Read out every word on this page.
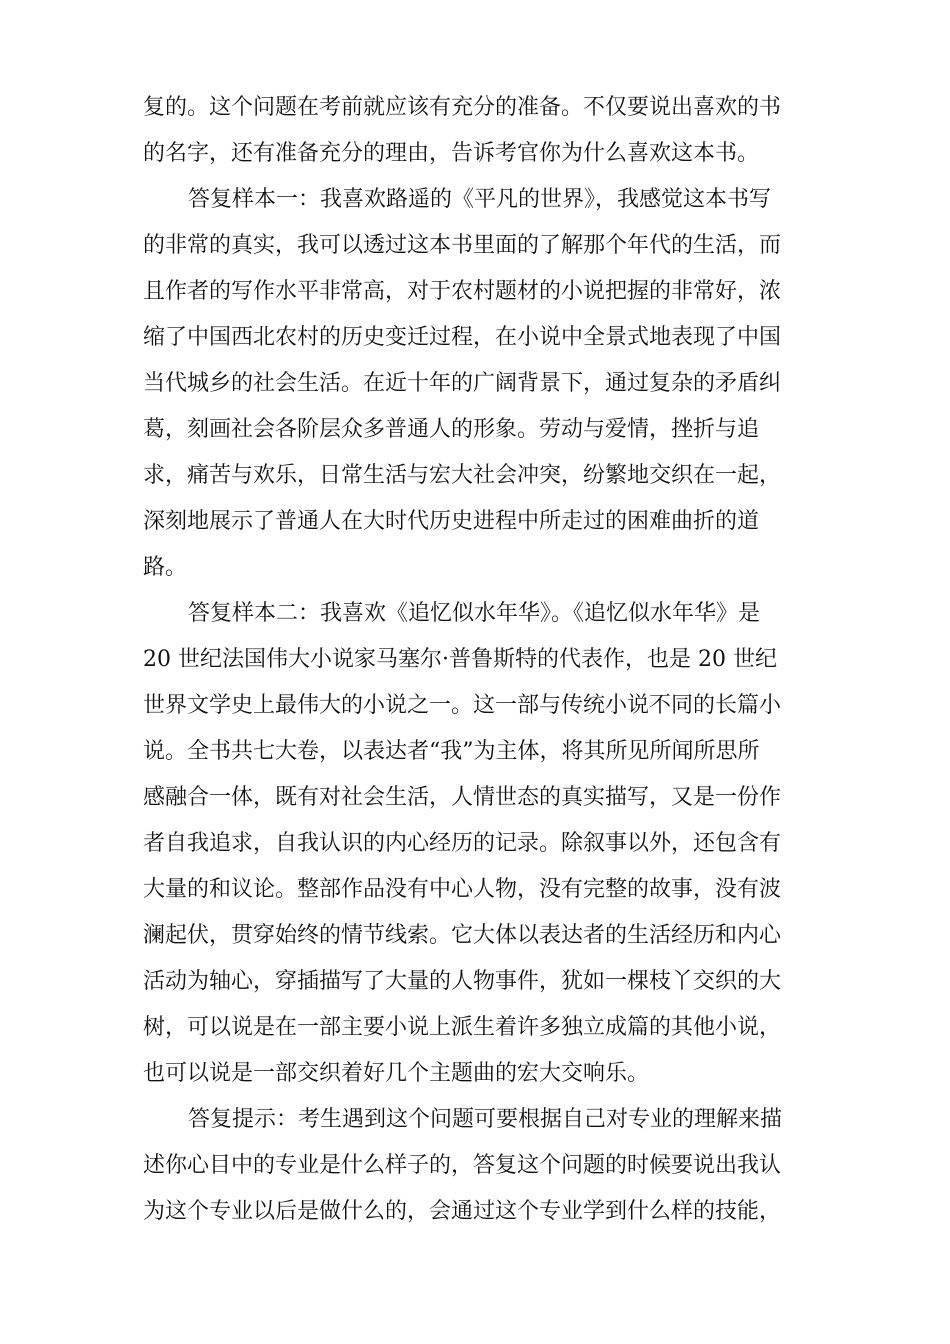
复的。这个问题在考前就应该有充分的准备。不仅要说出喜欢的书
的名字，还有准备充分的理由，告诉考官你为什么喜欢这本书。
答复样本一：我喜欢路遥的《平凡的世界》，我感觉这本书写
的非常的真实，我可以透过这本书里面的了解那个年代的生活，而
且作者的写作水平非常高，对于农村题材的小说把握的非常好，浓
缩了中国西北农村的历史变迁过程，在小说中全景式地表现了中国
当代城乡的社会生活。在近十年的广阔背景下，通过复杂的矛盾纠
葛，刻画社会各阶层众多普通人的形象。劳动与爱情，挫折与追
求，痛苦与欢乐，日常生活与宏大社会冲突，纷繁地交织在一起，
深刻地展示了普通人在大时代历史进程中所走过的困难曲折的道
路。
答复样本二：我喜欢《追忆似水年华》。《追忆似水年华》是
20 世纪法国伟大小说家马塞尔·普鲁斯特的代表作，也是 20 世纪
世界文学史上最伟大的小说之一。这一部与传统小说不同的长篇小
说。全书共七大卷，以表达者“我”为主体，将其所见所闻所思所
感融合一体，既有对社会生活，人情世态的真实描写，又是一份作
者自我追求，自我认识的内心经历的记录。除叙事以外，还包含有
大量的和议论。整部作品没有中心人物，没有完整的故事，没有波
澜起伏，贯穿始终的情节线索。它大体以表达者的生活经历和内心
活动为轴心，穿插描写了大量的人物事件，犹如一棵枝丫交织的大
树，可以说是在一部主要小说上派生着许多独立成篇的其他小说，
也可以说是一部交织着好几个主题曲的宏大交响乐。
答复提示：考生遇到这个问题可要根据自己对专业的理解来描
述你心目中的专业是什么样子的，答复这个问题的时候要说出我认
为这个专业以后是做什么的，会通过这个专业学到什么样的技能，
